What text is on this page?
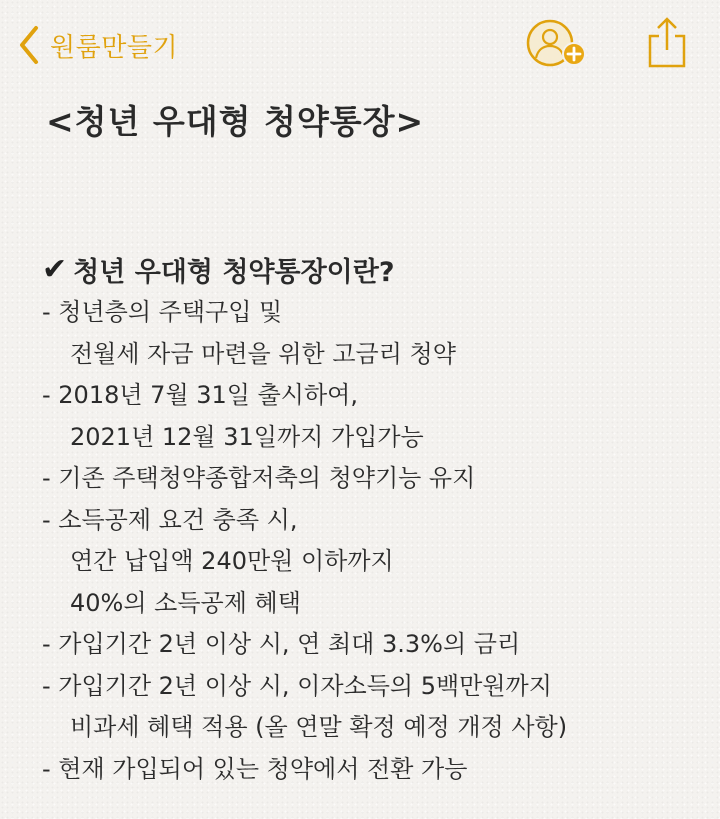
원룸만들기
<청년 우대형 청약통장>
✔ 청년 우대형 청약통장이란?
- 청년층의 주택구입 및
전월세 자금 마련을 위한 고금리 청약
- 2018년 7월 31일 출시하여,
2021년 12월 31일까지 가입가능
- 기존 주택청약종합저축의 청약기능 유지
- 소득공제 요건 충족 시,
연간 납입액 240만원 이하까지
40%의 소득공제 혜택
- 가입기간 2년 이상 시, 연 최대 3.3%의 금리
- 가입기간 2년 이상 시, 이자소득의 5백만원까지
비과세 혜택 적용 (올 연말 확정 예정 개정 사항)
- 현재 가입되어 있는 청약에서 전환 가능
